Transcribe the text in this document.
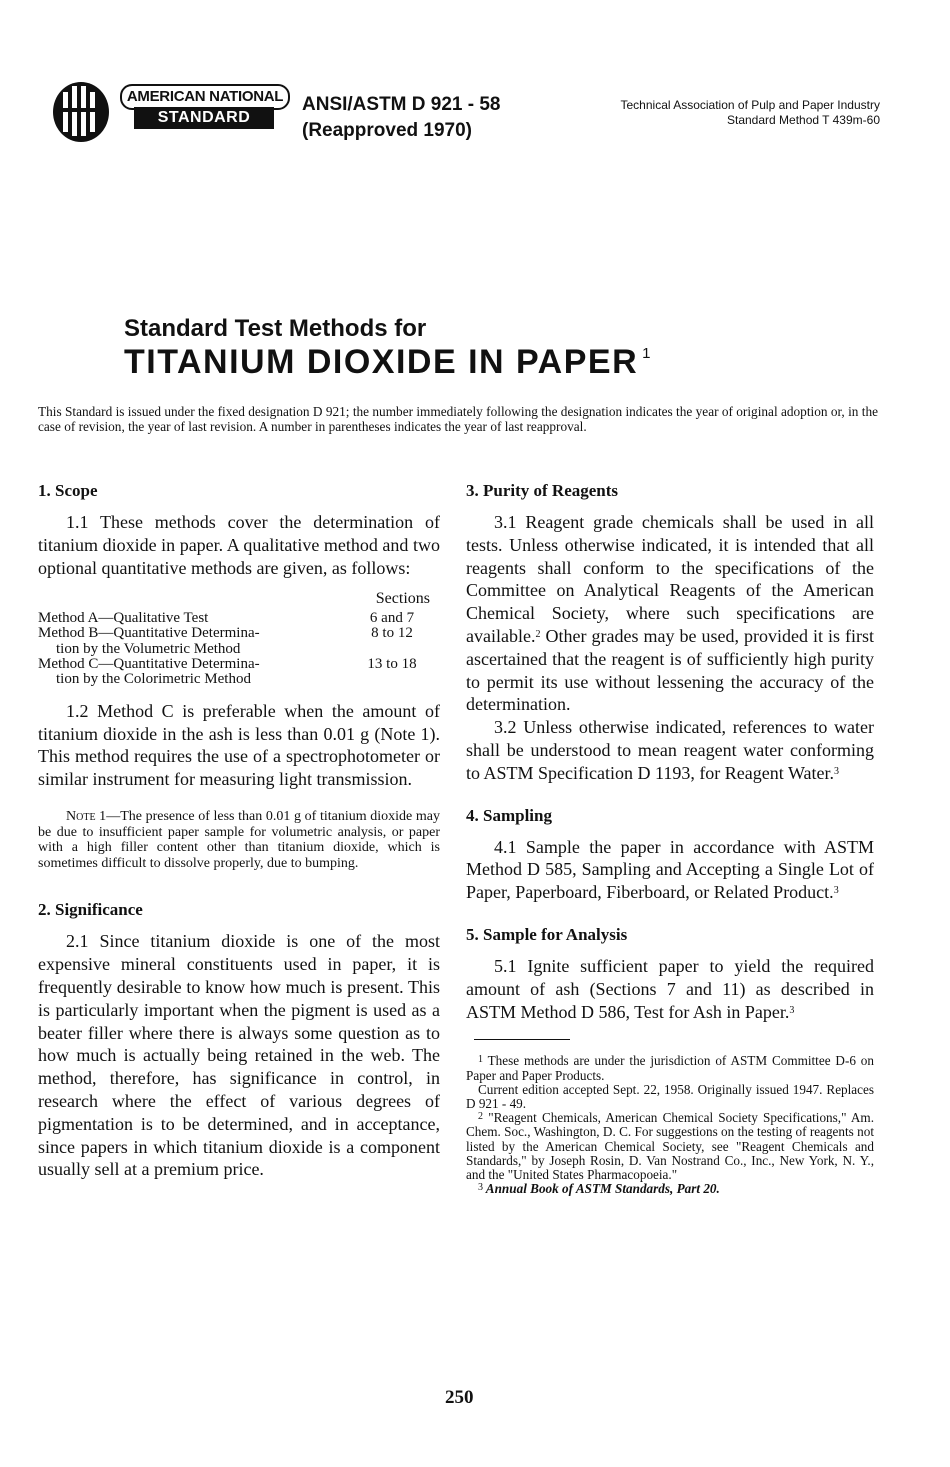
AMERICAN NATIONAL
STANDARD
ANSI/ASTM D 921 - 58
(Reapproved 1970)
Technical Association of Pulp and Paper Industry
Standard Method T 439m-60
Standard Test Methods for
TITANIUM DIOXIDE IN PAPER $^1$
This Standard is issued under the fixed designation D 921; the number immediately following the designation indicates the year of original adoption or, in the case of revision, the year of last revision. A number in parentheses indicates the year of last reapproval.
1. Scope

1.1 These methods cover the determination of titanium dioxide in paper. A qualitative method and two optional quantitative methods are given, as follows:

Sections
Method A—Qualitative Test	6 and 7
Method B—Quantitative Determina-	8 to 12
tion by the Volumetric Method
Method C—Quantitative Determina-	13 to 18
tion by the Colorimetric Method

1.2 Method C is preferable when the amount of titanium dioxide in the ash is less than 0.01 g (Note 1). This method requires the use of a spectrophotometer or similar instrument for measuring light transmission.

Note 1—The presence of less than 0.01 g of titanium dioxide may be due to insufficient paper sample for volumetric analysis, or paper with a high filler content other than titanium dioxide, which is sometimes difficult to dissolve properly, due to bumping.

2. Significance

2.1 Since titanium dioxide is one of the most expensive mineral constituents used in paper, it is frequently desirable to know how much is present. This is particularly important when the pigment is used as a beater filler where there is always some question as to how much is actually being retained in the web. The method, therefore, has significance in control, in research where the effect of various degrees of pigmentation is to be determined, and in acceptance, since papers in which titanium dioxide is a component usually sell at a premium price.

3. Purity of Reagents

3.1 Reagent grade chemicals shall be used in all tests. Unless otherwise indicated, it is intended that all reagents shall conform to the specifications of the Committee on Analytical Reagents of the American Chemical Society, where such specifications are available.$^2$ Other grades may be used, provided it is first ascertained that the reagent is of sufficiently high purity to permit its use without lessening the accuracy of the determination.

3.2 Unless otherwise indicated, references to water shall be understood to mean reagent water conforming to ASTM Specification D 1193, for Reagent Water.$^3$

4. Sampling

4.1 Sample the paper in accordance with ASTM Method D 585, Sampling and Accepting a Single Lot of Paper, Paperboard, Fiberboard, or Related Product.$^3$

5. Sample for Analysis

5.1 Ignite sufficient paper to yield the required amount of ash (Sections 7 and 11) as described in ASTM Method D 586, Test for Ash in Paper.$^3$

$^1$ These methods are under the jurisdiction of ASTM Committee D-6 on Paper and Paper Products.

Current edition accepted Sept. 22, 1958. Originally issued 1947. Replaces D 921 - 49.

$^2$ "Reagent Chemicals, American Chemical Society Specifications," Am. Chem. Soc., Washington, D. C. For suggestions on the testing of reagents not listed by the American Chemical Society, see "Reagent Chemicals and Standards," by Joseph Rosin, D. Van Nostrand Co., Inc., New York, N. Y., and the "United States Pharmacopoeia."

$^3$ Annual Book of ASTM Standards, Part 20.

250
